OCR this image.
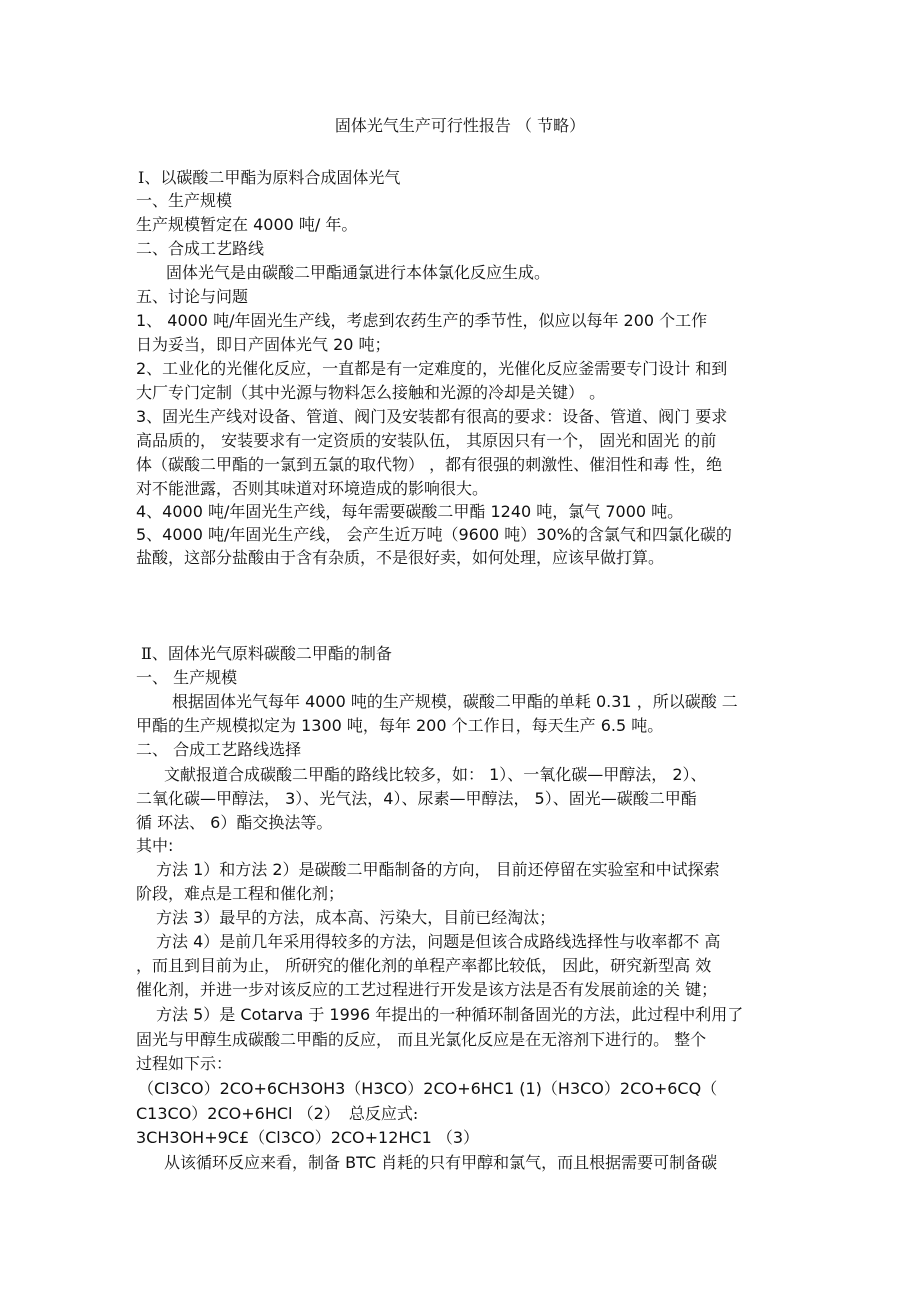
固体光气生产可行性报告 （ 节略）
Ⅰ、以碳酸二甲酯为原料合成固体光气
一、生产规模
生产规模暂定在 4000 吨/ 年。
二、合成工艺路线
固体光气是由碳酸二甲酯通氯进行本体氯化反应生成。
五、讨论与问题
1、 4000 吨/年固光生产线，考虑到农药生产的季节性，似应以每年 200 个工作
日为妥当，即日产固体光气 20 吨；
2、工业化的光催化反应，一直都是有一定难度的，光催化反应釜需要专门设计 和到
大厂专门定制（其中光源与物料怎么接触和光源的冷却是关键） 。
3、固光生产线对设备、管道、阀门及安装都有很高的要求：设备、管道、阀门 要求
高品质的， 安装要求有一定资质的安装队伍， 其原因只有一个， 固光和固光 的前
体（碳酸二甲酯的一氯到五氯的取代物） ，都有很强的刺激性、催泪性和毒 性，绝
对不能泄露，否则其味道对环境造成的影响很大。
4、4000 吨/年固光生产线，每年需要碳酸二甲酯 1240 吨，氯气 7000 吨。
5、4000 吨/年固光生产线， 会产生近万吨（9600 吨）30%的含氯气和四氯化碳的
盐酸，这部分盐酸由于含有杂质，不是很好卖，如何处理，应该早做打算。
Ⅱ、固体光气原料碳酸二甲酯的制备
一、 生产规模
根据固体光气每年 4000 吨的生产规模，碳酸二甲酯的单耗 0.31 ，所以碳酸 二
甲酯的生产规模拟定为 1300 吨，每年 200 个工作日，每天生产 6.5 吨。
二、 合成工艺路线选择
文献报道合成碳酸二甲酯的路线比较多，如： 1）、一氧化碳—甲醇法， 2）、
二氧化碳—甲醇法， 3）、光气法，4）、尿素—甲醇法， 5）、固光—碳酸二甲酯
循 环法、 6）酯交换法等。
其中:
方法 1）和方法 2）是碳酸二甲酯制备的方向， 目前还停留在实验室和中试探索
阶段，难点是工程和催化剂；
方法 3）最早的方法，成本高、污染大，目前已经淘汰；
方法 4）是前几年采用得较多的方法，问题是但该合成路线选择性与收率都不 高
，而且到目前为止， 所研究的催化剂的单程产率都比较低， 因此，研究新型高 效
催化剂，并进一步对该反应的工艺过程进行开发是该方法是否有发展前途的关 键；
方法 5）是 Cotarva 于 1996 年提出的一种循环制备固光的方法，此过程中利用了
固光与甲醇生成碳酸二甲酯的反应， 而且光氯化反应是在无溶剂下进行的。 整个
过程如下示：
（Cl3CO）2CO+6CH3OH3（H3CO）2CO+6HC1 (1)（H3CO）2CO+6CQ（
C13CO）2CO+6HCl （2） 总反应式:
3CH3OH+9C£（Cl3CO）2CO+12HC1 （3）
从该循环反应来看，制备 BTC 肖耗的只有甲醇和氯气，而且根据需要可制备碳
